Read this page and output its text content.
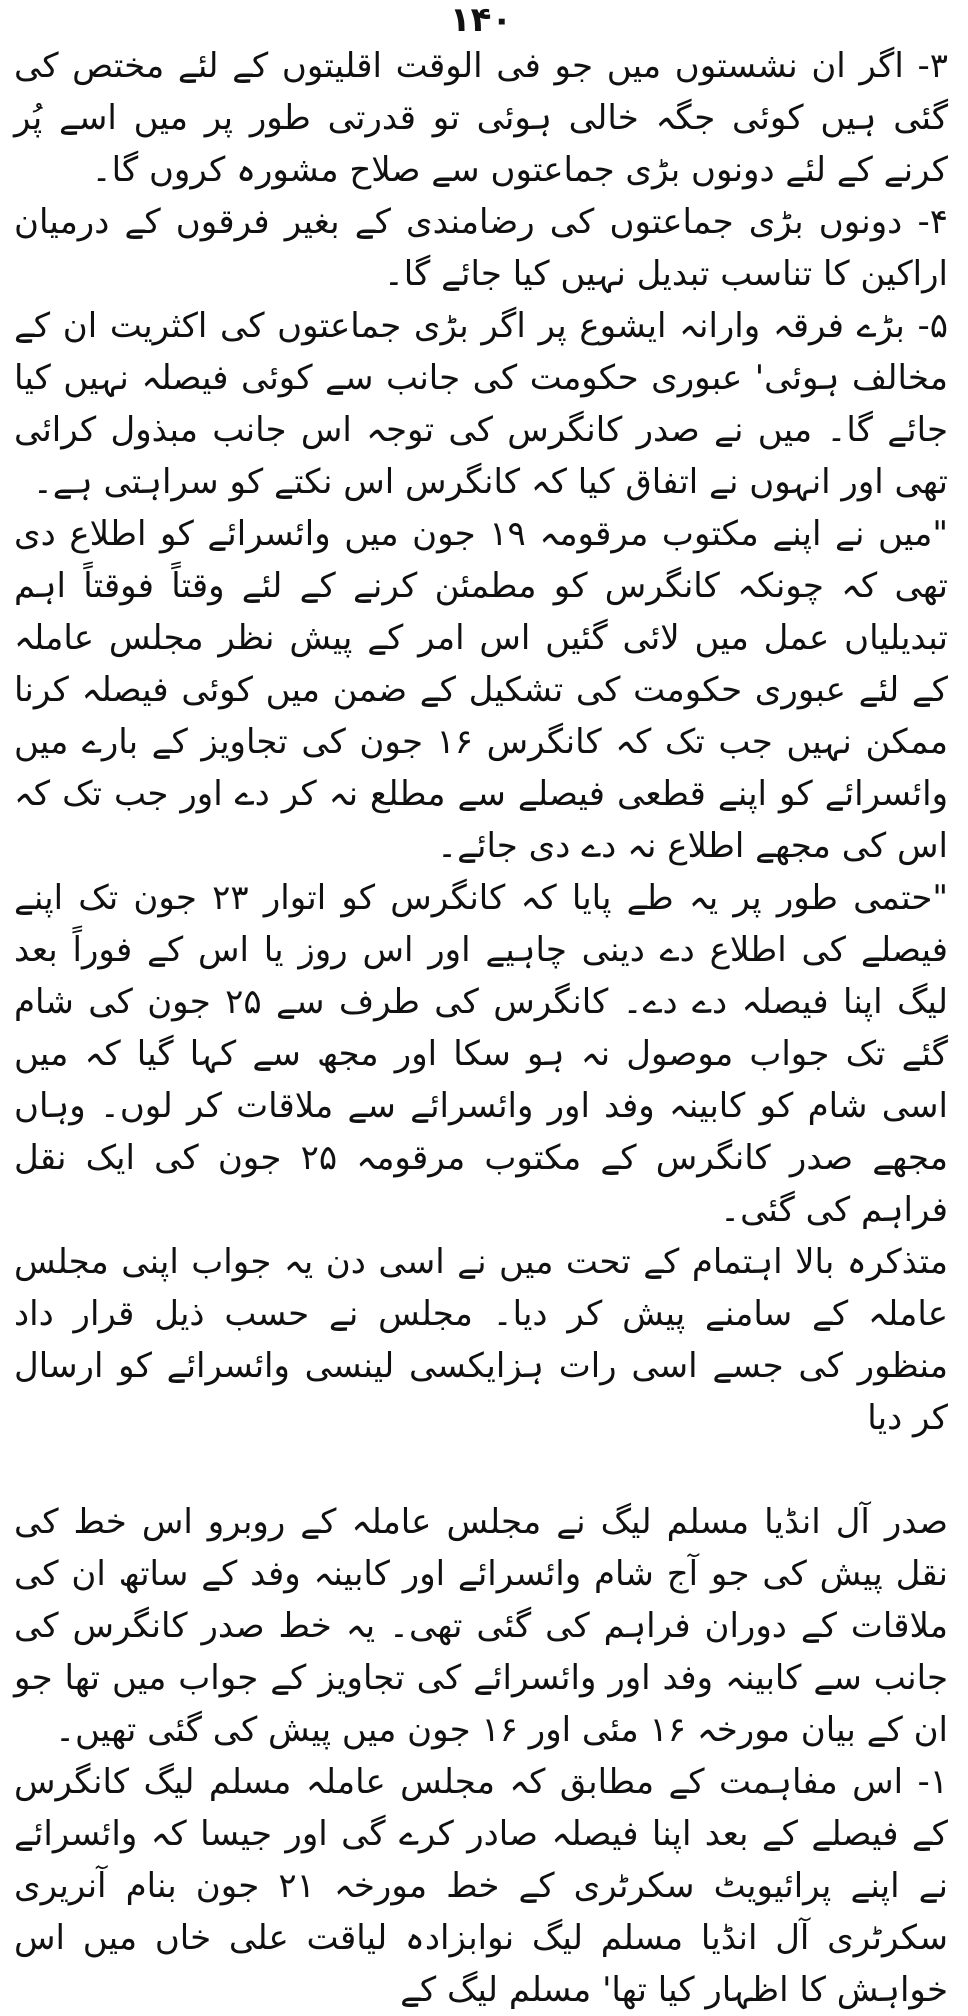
۱۴۰

۳- اگر ان نشستوں میں جو فی الوقت اقلیتوں کے لئے مختص کی گئی ہیں کوئی جگہ خالی ہوئی تو قدرتی طور پر میں اسے پُر کرنے کے لئے دونوں بڑی جماعتوں سے صلاح مشورہ کروں گا۔

۴- دونوں بڑی جماعتوں کی رضامندی کے بغیر فرقوں کے درمیان اراکین کا تناسب تبدیل نہیں کیا جائے گا۔

۵- بڑے فرقہ وارانہ ایشوع پر اگر بڑی جماعتوں کی اکثریت ان کے مخالف ہوئی' عبوری حکومت کی جانب سے کوئی فیصلہ نہیں کیا جائے گا۔ میں نے صدر کانگرس کی توجہ اس جانب مبذول کرائی تھی اور انہوں نے اتفاق کیا کہ کانگرس اس نکتے کو سراہتی ہے۔

"میں نے اپنے مکتوب مرقومہ ۱۹ جون میں وائسرائے کو اطلاع دی تھی کہ چونکہ کانگرس کو مطمئن کرنے کے لئے وقتاً فوقتاً اہم تبدیلیاں عمل میں لائی گئیں اس امر کے پیش نظر مجلس عاملہ کے لئے عبوری حکومت کی تشکیل کے ضمن میں کوئی فیصلہ کرنا ممکن نہیں جب تک کہ کانگرس ۱۶ جون کی تجاویز کے بارے میں وائسرائے کو اپنے قطعی فیصلے سے مطلع نہ کر دے اور جب تک کہ اس کی مجھے اطلاع نہ دے دی جائے۔

"حتمی طور پر یہ طے پایا کہ کانگرس کو اتوار ۲۳ جون تک اپنے فیصلے کی اطلاع دے دینی چاہیے اور اس روز یا اس کے فوراً بعد لیگ اپنا فیصلہ دے دے۔ کانگرس کی طرف سے ۲۵ جون کی شام گئے تک جواب موصول نہ ہو سکا اور مجھ سے کہا گیا کہ میں اسی شام کو کابینہ وفد اور وائسرائے سے ملاقات کر لوں۔ وہاں مجھے صدر کانگرس کے مکتوب مرقومہ ۲۵ جون کی ایک نقل فراہم کی گئی۔

متذکرہ بالا اہتمام کے تحت میں نے اسی دن یہ جواب اپنی مجلس عاملہ کے سامنے پیش کر دیا۔ مجلس نے حسب ذیل قرار داد منظور کی جسے اسی رات ہزایکسی لینسی وائسرائے کو ارسال کر دیا

صدر آل انڈیا مسلم لیگ نے مجلس عاملہ کے روبرو اس خط کی نقل پیش کی جو آج شام وائسرائے اور کابینہ وفد کے ساتھ ان کی ملاقات کے دوران فراہم کی گئی تھی۔ یہ خط صدر کانگرس کی جانب سے کابینہ وفد اور وائسرائے کی تجاویز کے جواب میں تھا جو ان کے بیان مورخہ ۱۶ مئی اور ۱۶ جون میں پیش کی گئی تھیں۔

۱- اس مفاہمت کے مطابق کہ مجلس عاملہ مسلم لیگ کانگرس کے فیصلے کے بعد اپنا فیصلہ صادر کرے گی اور جیسا کہ وائسرائے نے اپنے پرائیویٹ سکرٹری کے خط مورخہ ۲۱ جون بنام آنریری سکرٹری آل انڈیا مسلم لیگ نوابزادہ لیاقت علی خاں میں اس خواہش کا اظہار کیا تھا' مسلم لیگ کے
